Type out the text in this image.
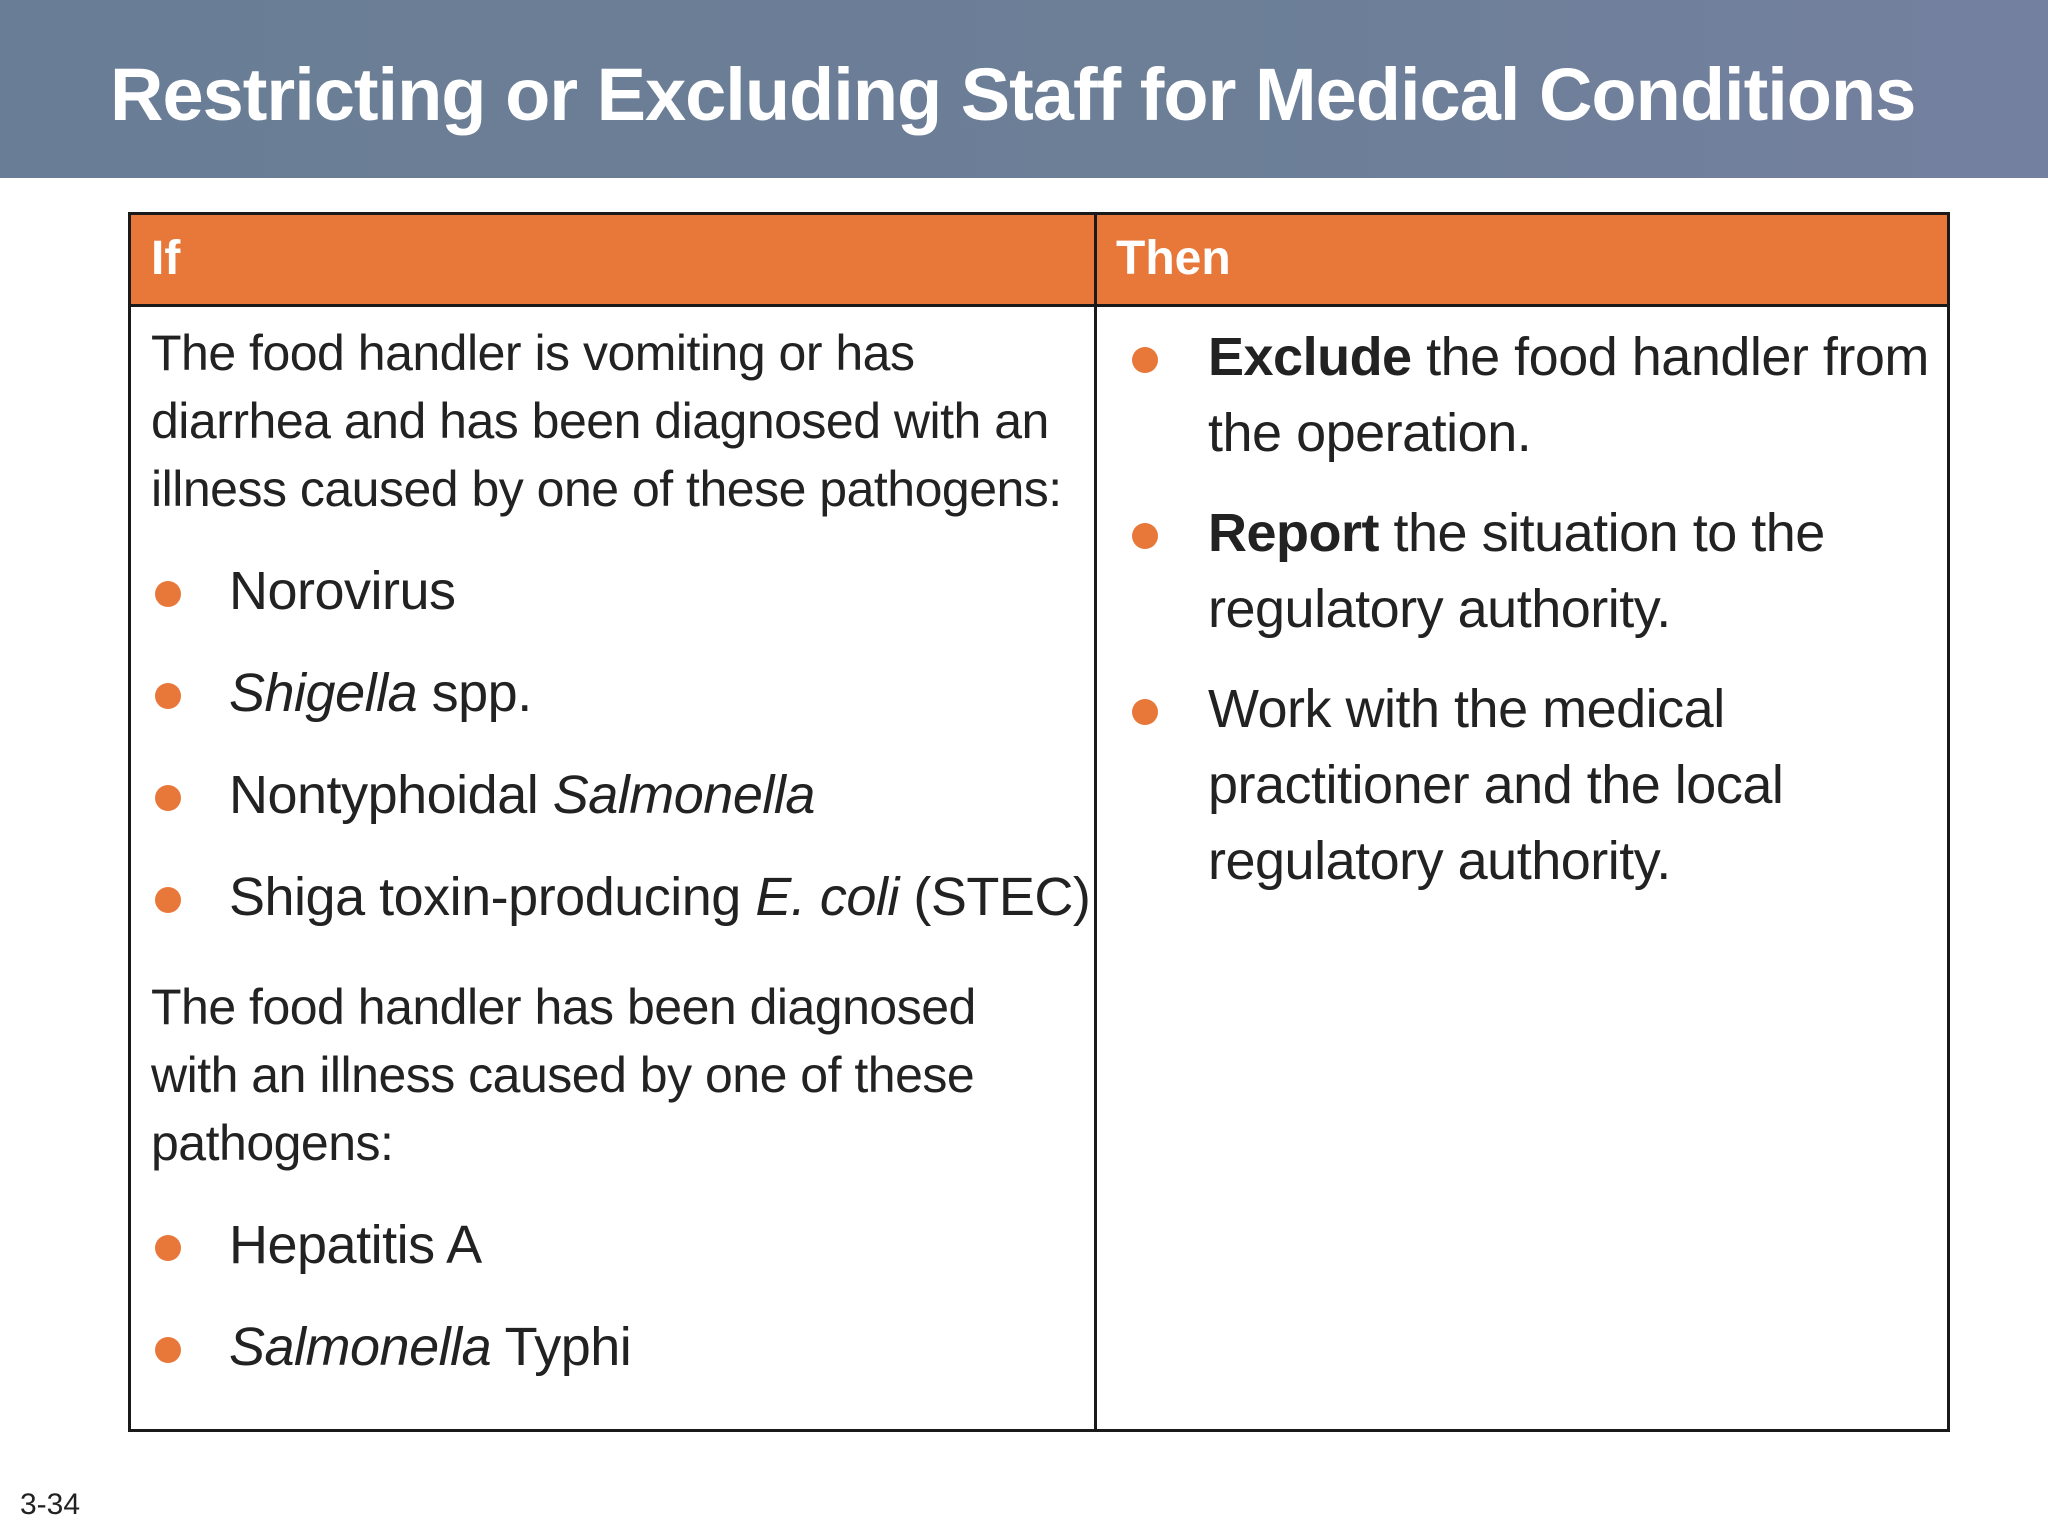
Restricting or Excluding Staff for Medical Conditions
If	Then

The food handler is vomiting or has diarrhea and has been diagnosed with an illness caused by one of these pathogens:

Norovirus
Shigella spp.
Nontyphoidal Salmonella
Shiga toxin-producing E. coli (STEC)

The food handler has been diagnosed with an illness caused by one of these pathogens:

Hepatitis A
Salmonella Typhi
Exclude the food handler from the operation.
Report the situation to the regulatory authority.
Work with the medical practitioner and the local regulatory authority.
3-34
